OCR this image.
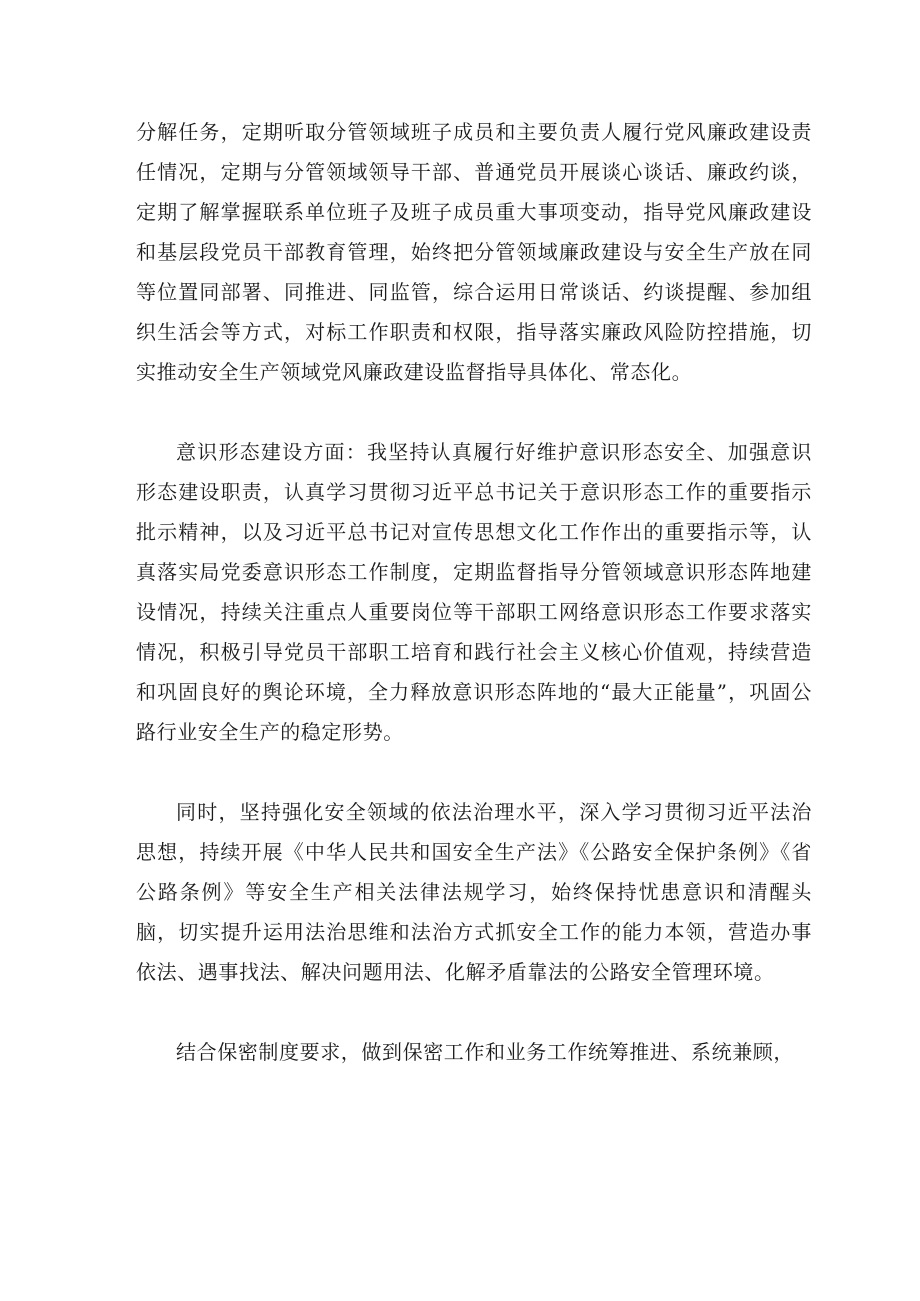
分解任务，定期听取分管领域班子成员和主要负责人履行党风廉政建设责任情况，定期与分管领域领导干部、普通党员开展谈心谈话、廉政约谈，定期了解掌握联系单位班子及班子成员重大事项变动，指导党风廉政建设和基层段党员干部教育管理，始终把分管领域廉政建设与安全生产放在同等位置同部署、同推进、同监管，综合运用日常谈话、约谈提醒、参加组织生活会等方式，对标工作职责和权限，指导落实廉政风险防控措施，切实推动安全生产领域党风廉政建设监督指导具体化、常态化。

意识形态建设方面：我坚持认真履行好维护意识形态安全、加强意识形态建设职责，认真学习贯彻习近平总书记关于意识形态工作的重要指示批示精神，以及习近平总书记对宣传思想文化工作作出的重要指示等，认真落实局党委意识形态工作制度，定期监督指导分管领域意识形态阵地建设情况，持续关注重点人重要岗位等干部职工网络意识形态工作要求落实情况，积极引导党员干部职工培育和践行社会主义核心价值观，持续营造和巩固良好的舆论环境，全力释放意识形态阵地的“最大正能量”，巩固公路行业安全生产的稳定形势。

同时，坚持强化安全领域的依法治理水平，深入学习贯彻习近平法治思想，持续开展《中华人民共和国安全生产法》《公路安全保护条例》《省公路条例》等安全生产相关法律法规学习，始终保持忧患意识和清醒头脑，切实提升运用法治思维和法治方式抓安全工作的能力本领，营造办事依法、遇事找法、解决问题用法、化解矛盾靠法的公路安全管理环境。

结合保密制度要求，做到保密工作和业务工作统筹推进、系统兼顾，
